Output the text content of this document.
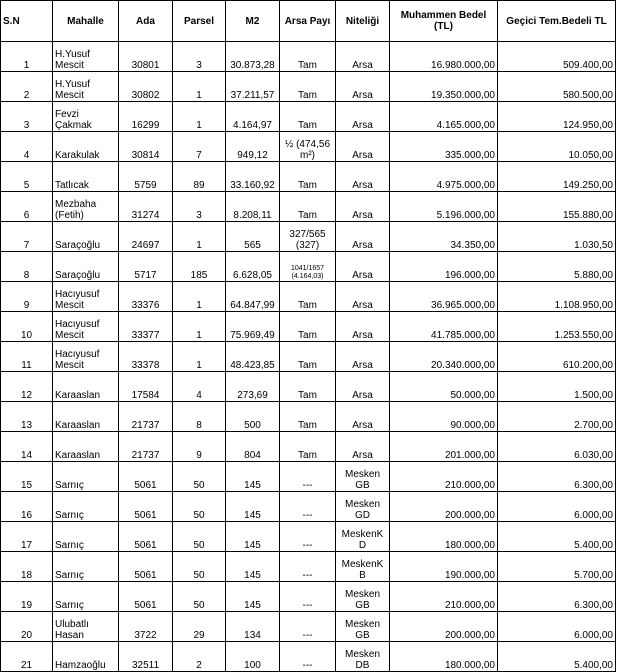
S.N	Mahalle	Ada	Parsel	M2	Arsa Payı	Niteliği	Muhammen Bedel (TL)	Geçici Tem.Bedeli TL
1	H.Yusuf Mescit	30801	3	30.873,28	Tam	Arsa	16.980.000,00	509.400,00
2	H.Yusuf Mescit	30802	1	37.211,57	Tam	Arsa	19.350.000,00	580.500,00
3	Fevzi Çakmak	16299	1	4.164,97	Tam	Arsa	4.165.000,00	124.950,00
4	Karakulak	30814	7	949,12	½ (474,56 m²)	Arsa	335.000,00	10.050,00
5	Tatlıcak	5759	89	33.160,92	Tam	Arsa	4.975.000,00	149.250,00
6	Mezbaha (Fetih)	31274	3	8.208,11	Tam	Arsa	5.196.000,00	155.880,00
7	Saraçoğlu	24697	1	565	327/565 (327)	Arsa	34.350,00	1.030,50
8	Saraçoğlu	5717	185	6.628,05	1041/1657 (4.164,03)	Arsa	196.000,00	5.880,00
9	Hacıyusuf Mescit	33376	1	64.847,99	Tam	Arsa	36.965.000,00	1.108.950,00
10	Hacıyusuf Mescit	33377	1	75.969,49	Tam	Arsa	41.785.000,00	1.253.550,00
11	Hacıyusuf Mescit	33378	1	48.423,85	Tam	Arsa	20.340.000,00	610.200,00
12	Karaaslan	17584	4	273,69	Tam	Arsa	50.000,00	1.500,00
13	Karaaslan	21737	8	500	Tam	Arsa	90.000,00	2.700,00
14	Karaaslan	21737	9	804	Tam	Arsa	201.000,00	6.030,00
15	Sarnıç	5061	50	145	---	Mesken GB	210.000,00	6.300,00
16	Sarnıç	5061	50	145	---	Mesken GD	200.000,00	6.000,00
17	Sarnıç	5061	50	145	---	MeskenK D	180.000,00	5.400,00
18	Sarnıç	5061	50	145	---	MeskenK B	190.000,00	5.700,00
19	Sarnıç	5061	50	145	---	Mesken GB	210.000,00	6.300,00
20	Ulubatlı Hasan	3722	29	134	---	Mesken GB	200.000,00	6.000,00
21	Hamzaoğlu	32511	2	100	---	Mesken DB	180.000,00	5.400,00
